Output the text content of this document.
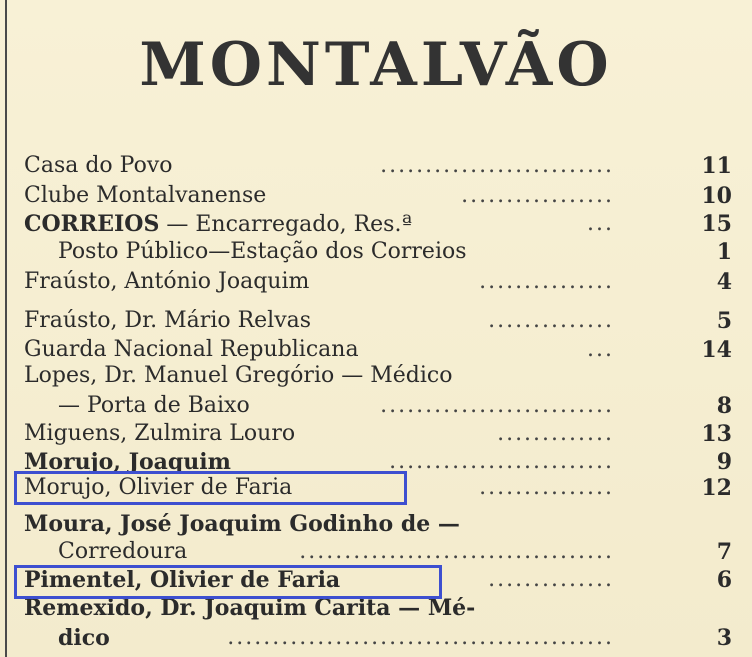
MONTALVÃO
Casa do Povo	..........................	11
Clube Montalvanense	.................	10
CORREIOS — Encarregado, Res.ª	...	15
Posto Público—Estação dos Correios	1
Fraústo, António Joaquim	...............	4
Fraústo, Dr. Mário Relvas	..............	5
Guarda Nacional Republicana	...	14
Lopes, Dr. Manuel Gregório — Médico
— Porta de Baixo	..........................	8
Miguens, Zulmira Louro	.............	13
Morujo, Joaquim	.........................	9
Morujo, Olivier de Faria	...............	12
Moura, José Joaquim Godinho de —
Corredoura	...................................	7
Pimentel, Olivier de Faria	..............	6
Remexido, Dr. Joaquim Carita — Mé-
dico	...........................................	3
